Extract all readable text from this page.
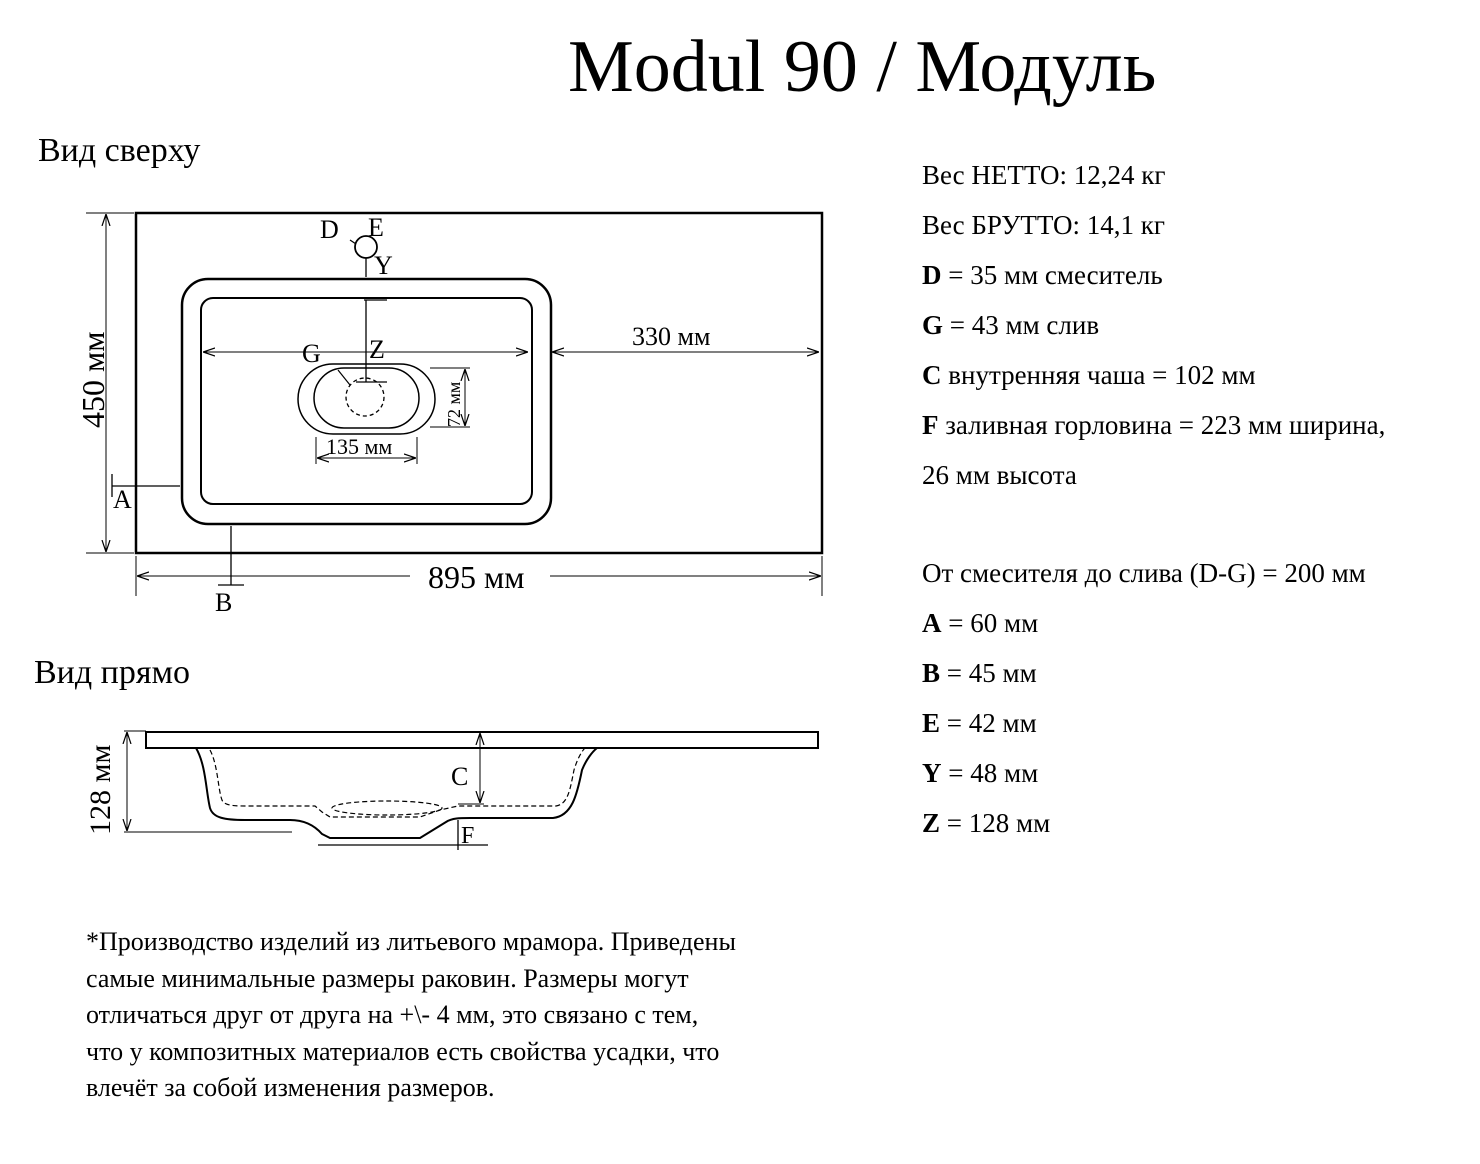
Modul 90 / Модуль
Вид сверху
Вид прямо
330 мм
135 мм
72 мм
450 мм
A
B
895 мм
D E
Y
G Z
C
F
128 мм
Вес НЕТТО: 12,24 кг
Вес БРУТТО: 14,1 кг
D = 35 мм смеситель
G = 43 мм слив
C внутренняя чаша = 102 мм
F заливная горловина = 223 мм ширина,
26 мм высота
От смесителя до слива (D-G) = 200 мм
A = 60 мм
B = 45 мм
E = 42 мм
Y = 48 мм
Z = 128 мм
*Производство изделий из литьевого мрамора. Приведены
самые минимальные размеры раковин. Размеры могут
отличаться друг от друга на +\- 4 мм, это связано с тем,
что у композитных материалов есть свойства усадки, что
влечёт за собой изменения размеров.
